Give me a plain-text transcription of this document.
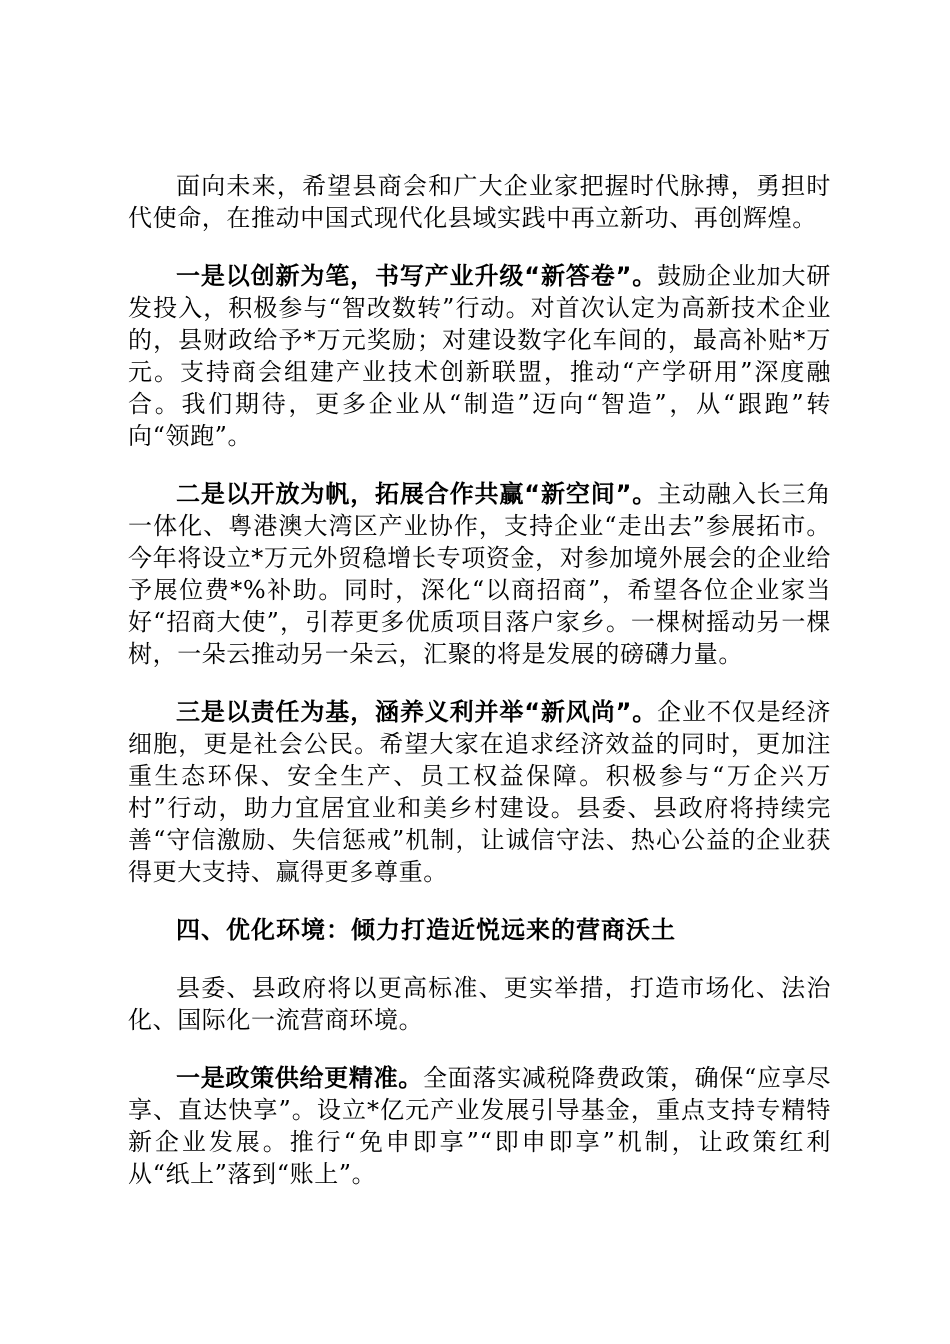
面向未来，希望县商会和广大企业家把握时代脉搏，勇担时代使命，在推动中国式现代化县域实践中再立新功、再创辉煌。

一是以创新为笔，书写产业升级“新答卷”。鼓励企业加大研发投入，积极参与“智改数转”行动。对首次认定为高新技术企业的，县财政给予*万元奖励；对建设数字化车间的，最高补贴*万元。支持商会组建产业技术创新联盟，推动“产学研用”深度融合。我们期待，更多企业从“制造”迈向“智造”，从“跟跑”转向“领跑”。

二是以开放为帆，拓展合作共赢“新空间”。主动融入长三角一体化、粤港澳大湾区产业协作，支持企业“走出去”参展拓市。今年将设立*万元外贸稳增长专项资金，对参加境外展会的企业给予展位费*%补助。同时，深化“以商招商”，希望各位企业家当好“招商大使”，引荐更多优质项目落户家乡。一棵树摇动另一棵树，一朵云推动另一朵云，汇聚的将是发展的磅礴力量。

三是以责任为基，涵养义利并举“新风尚”。企业不仅是经济细胞，更是社会公民。希望大家在追求经济效益的同时，更加注重生态环保、安全生产、员工权益保障。积极参与“万企兴万村”行动，助力宜居宜业和美乡村建设。县委、县政府将持续完善“守信激励、失信惩戒”机制，让诚信守法、热心公益的企业获得更大支持、赢得更多尊重。

四、优化环境：倾力打造近悦远来的营商沃土

县委、县政府将以更高标准、更实举措，打造市场化、法治化、国际化一流营商环境。

一是政策供给更精准。全面落实减税降费政策，确保“应享尽享、直达快享”。设立*亿元产业发展引导基金，重点支持专精特新企业发展。推行“免申即享”“即申即享”机制，让政策红利从“纸上”落到“账上”。
